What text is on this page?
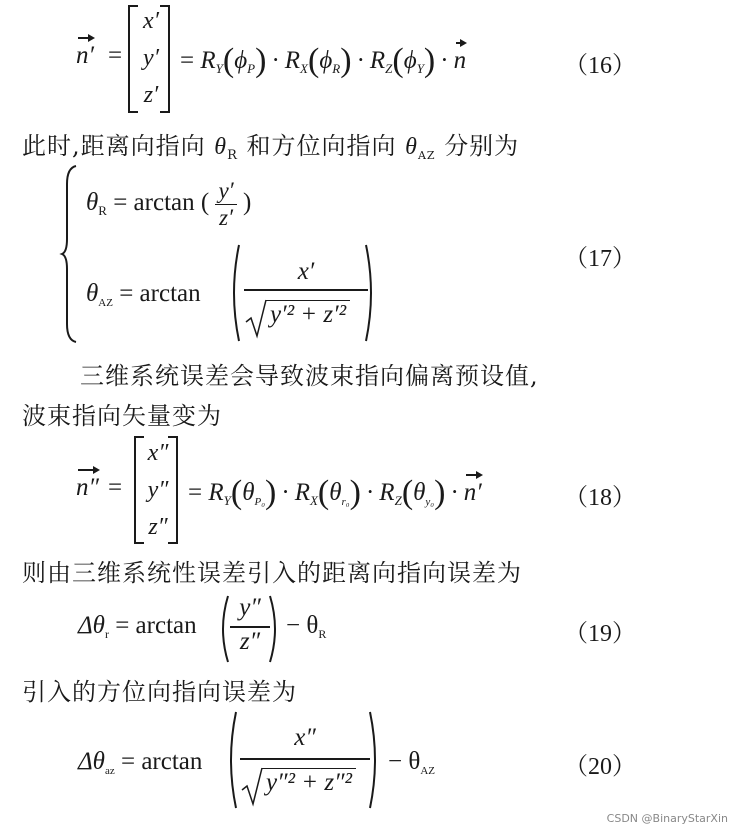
n′ =
x′
y′
z′
= $R_Y(\phi_P) \cdot R_X(\phi_R) \cdot R_Z(\phi_Y) \cdot n$	（16）
此时,距离向指向 $\theta_R$ 和方位向指向 $\theta_{AZ}$ 分别为
$\theta_R = \arctan$ ( $\frac{y'}{z'}$ )
$\theta_{AZ} = \arctan$
x′
y′² + z′²
（17）
三维系统误差会导致波束指向偏离预设值,
波束指向矢量变为
n″ =
x″
y″
z″
= $R_Y(\theta_{P_0}) \cdot R_X(\theta_{r_0}) \cdot R_Z(\theta_{y_0}) \cdot n'$	（18）
则由三维系统性误差引入的距离向指向误差为
$\Delta\theta_r = \arctan$
y″
z″
− $\theta_R$	（19）
引入的方位向指向误差为
$\Delta\theta_{az} = \arctan$
x″
y″² + z″²
− $\theta_{AZ}$	（20）
CSDN @BinaryStarXin
